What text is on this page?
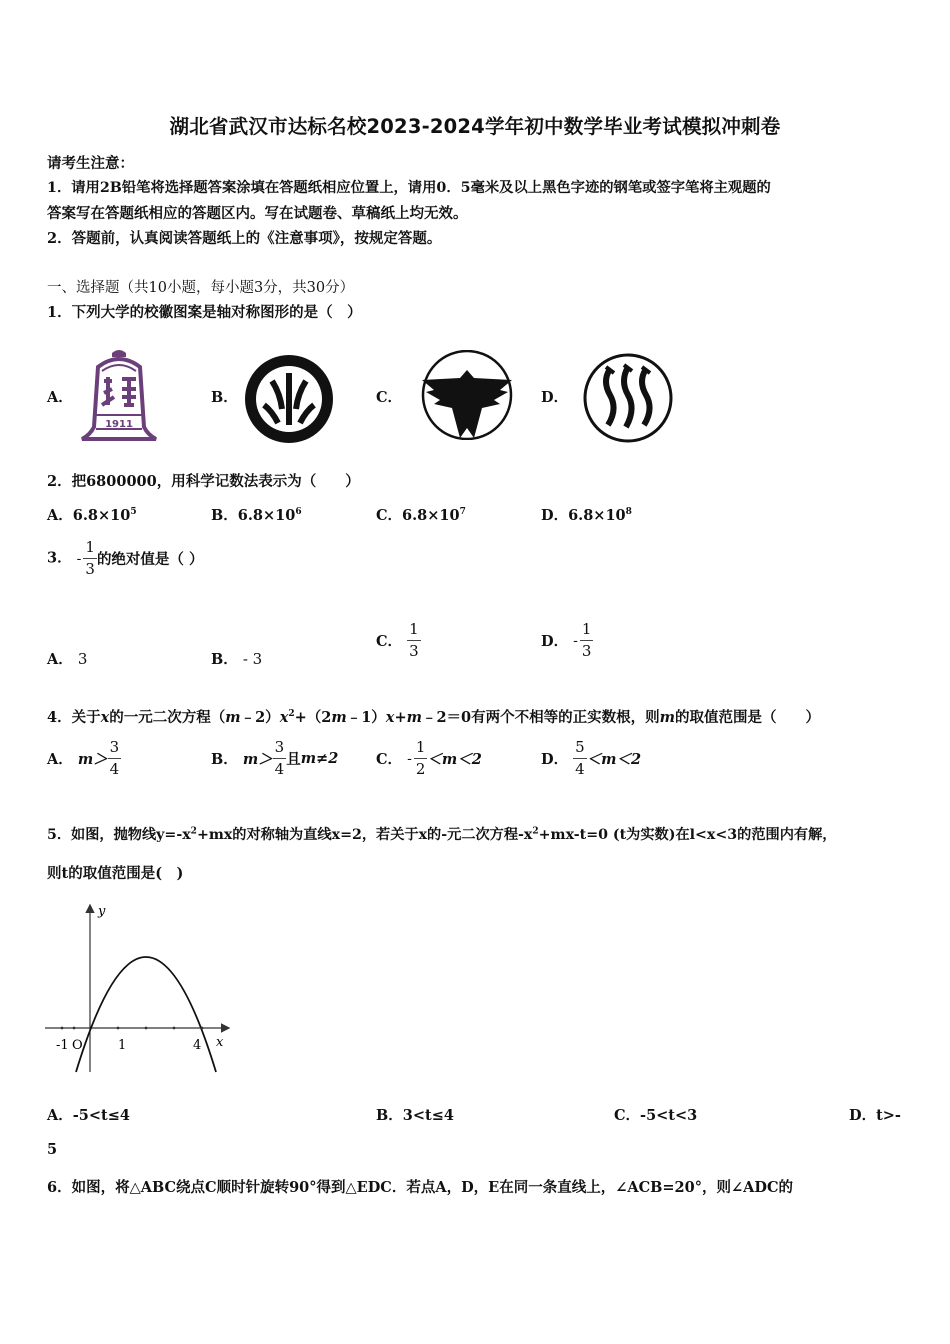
湖北省武汉市达标名校2023-2024学年初中数学毕业考试模拟冲刺卷
请考生注意：
1．请用2B铅笔将选择题答案涂填在答题纸相应位置上，请用0．5毫米及以上黑色字迹的钢笔或签字笔将主观题的
答案写在答题纸相应的答题区内。写在试题卷、草稿纸上均无效。
2．答题前，认真阅读答题纸上的《注意事项》，按规定答题。
一、选择题（共10小题，每小题3分，共30分）
1．下列大学的校徽图案是轴对称图形的是（　）
A．	B．	C．	D．
1911
2．把6800000，用科学记数法表示为（　　）
A．$6.8\times 10^5$	B．$6.8\times 10^6$	C．$6.8\times 10^7$	D．$6.8\times 10^8$
3． - $\frac{1}{3}$ 的绝对值是（ ）
A． 3	B． - 3
C． $\frac{1}{3}$	D． - $\frac{1}{3}$
4．关于x的一元二次方程$(m﹣2)x^2+(2m﹣1)x+m﹣2=0$有两个不相等的正实数根，则m的取值范围是（　　）
A． $m> \frac{3}{4}$	B． $m> \frac{3}{4}$ 且m≠2	C． - $\frac{1}{2} <m<2$	D． $\frac{5}{4} <m<2$
5．如图，抛物线$y=-x^2+mx$的对称轴为直线x=2，若关于x的-元二次方程$-x^2+mx-t=0$ (t为实数)在l<x<3的范围内有解，
则t的取值范围是(　)
y
x
-1 O	1	4
A．-5<t≤4	B．3<t≤4	C．-5<t<3	D．t>-
5
6．如图，将△ABC绕点C顺时针旋转90°得到△EDC．若点A，D，E在同一条直线上，∠ACB=20°，则∠ADC的
